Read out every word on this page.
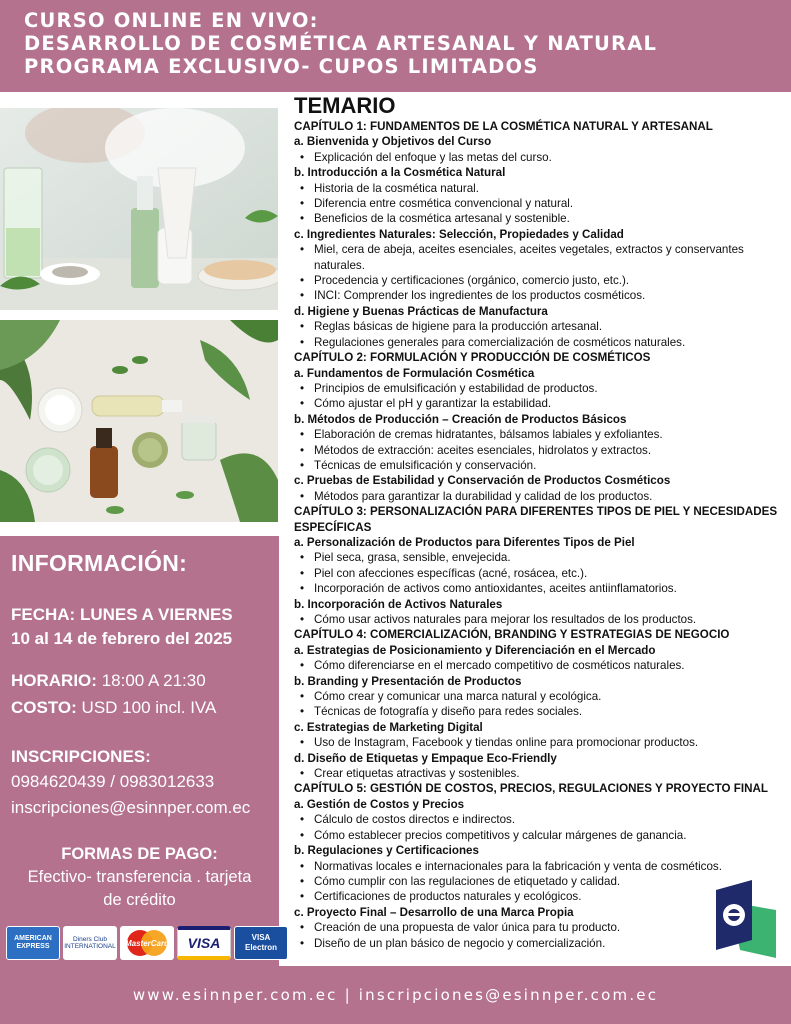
CURSO ONLINE EN VIVO:
DESARROLLO DE COSMÉTICA ARTESANAL Y NATURAL
PROGRAMA EXCLUSIVO- CUPOS LIMITADOS
INFORMACIÓN:
FECHA: LUNES A VIERNES
10 al 14 de febrero del 2025
HORARIO: 18:00 A 21:30
COSTO: USD 100 incl. IVA
INSCRIPCIONES:
0984620439 / 0983012633
inscripciones@esinnper.com.ec
FORMAS DE PAGO:
Efectivo- transferencia . tarjeta
de crédito
AMERICAN EXPRESS
Diners Club INTERNATIONAL MasterCard VISA	VISA Electron
TEMARIO
CAPÍTULO 1: FUNDAMENTOS DE LA COSMÉTICA NATURAL Y ARTESANAL
a. Bienvenida y Objetivos del Curso
• Explicación del enfoque y las metas del curso.
b. Introducción a la Cosmética Natural
• Historia de la cosmética natural.
• Diferencia entre cosmética convencional y natural.
• Beneficios de la cosmética artesanal y sostenible.
c. Ingredientes Naturales: Selección, Propiedades y Calidad
• Miel, cera de abeja, aceites esenciales, aceites vegetales, extractos y conservantes
naturales.
• Procedencia y certificaciones (orgánico, comercio justo, etc.).
• INCI: Comprender los ingredientes de los productos cosméticos.
d. Higiene y Buenas Prácticas de Manufactura
• Reglas básicas de higiene para la producción artesanal.
• Regulaciones generales para comercialización de cosméticos naturales.
CAPÍTULO 2: FORMULACIÓN Y PRODUCCIÓN DE COSMÉTICOS
a. Fundamentos de Formulación Cosmética
• Principios de emulsificación y estabilidad de productos.
• Cómo ajustar el pH y garantizar la estabilidad.
b. Métodos de Producción – Creación de Productos Básicos
• Elaboración de cremas hidratantes, bálsamos labiales y exfoliantes.
• Métodos de extracción: aceites esenciales, hidrolatos y extractos.
• Técnicas de emulsificación y conservación.
c. Pruebas de Estabilidad y Conservación de Productos Cosméticos
• Métodos para garantizar la durabilidad y calidad de los productos.
CAPÍTULO 3: PERSONALIZACIÓN PARA DIFERENTES TIPOS DE PIEL Y NECESIDADES
ESPECÍFICAS
a. Personalización de Productos para Diferentes Tipos de Piel
• Piel seca, grasa, sensible, envejecida.
• Piel con afecciones específicas (acné, rosácea, etc.).
• Incorporación de activos como antioxidantes, aceites antiinflamatorios.
b. Incorporación de Activos Naturales
• Cómo usar activos naturales para mejorar los resultados de los productos.
CAPÍTULO 4: COMERCIALIZACIÓN, BRANDING Y ESTRATEGIAS DE NEGOCIO
a. Estrategias de Posicionamiento y Diferenciación en el Mercado
• Cómo diferenciarse en el mercado competitivo de cosméticos naturales.
b. Branding y Presentación de Productos
• Cómo crear y comunicar una marca natural y ecológica.
• Técnicas de fotografía y diseño para redes sociales.
c. Estrategias de Marketing Digital
• Uso de Instagram, Facebook y tiendas online para promocionar productos.
d. Diseño de Etiquetas y Empaque Eco-Friendly
• Crear etiquetas atractivas y sostenibles.
CAPÍTULO 5: GESTIÓN DE COSTOS, PRECIOS, REGULACIONES Y PROYECTO FINAL
a. Gestión de Costos y Precios
• Cálculo de costos directos e indirectos.
• Cómo establecer precios competitivos y calcular márgenes de ganancia.
b. Regulaciones y Certificaciones
• Normativas locales e internacionales para la fabricación y venta de cosméticos.
• Cómo cumplir con las regulaciones de etiquetado y calidad.
• Certificaciones de productos naturales y ecológicos.
c. Proyecto Final – Desarrollo de una Marca Propia
• Creación de una propuesta de valor única para tu producto.
• Diseño de un plan básico de negocio y comercialización.
www.esinnper.com.ec | inscripciones@esinnper.com.ec
